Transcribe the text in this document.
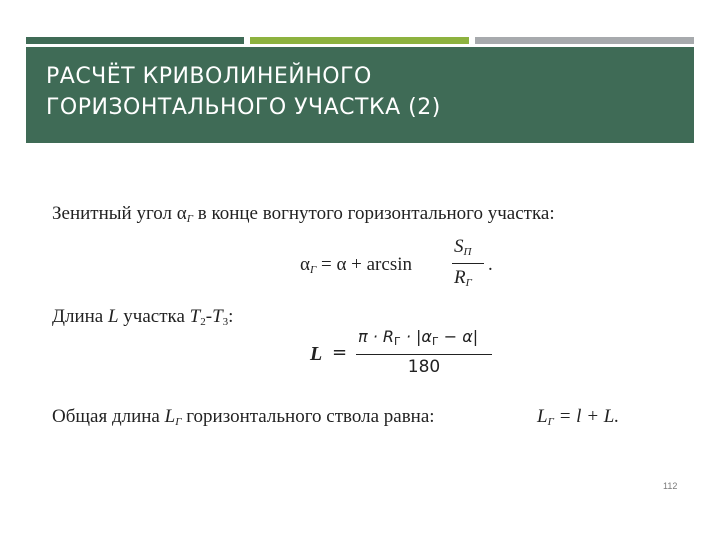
РАСЧЁТ КРИВОЛИНЕЙНОГО
ГОРИЗОНТАЛЬНОГО УЧАСТКА (2)
Зенитный угол $\alpha_Г$ в конце вогнутого горизонтального участка:
$\alpha_Г = \alpha + \arcsin$
$S_П$
$R_Г$
.
Длина L участка $T_2-T_3$:
L =
$\pi \cdot R_Г \cdot |\alpha_Г - \alpha|$
180
Общая длина $L_Г$ горизонтального ствола равна:	$L_Г = l + L$.
112
